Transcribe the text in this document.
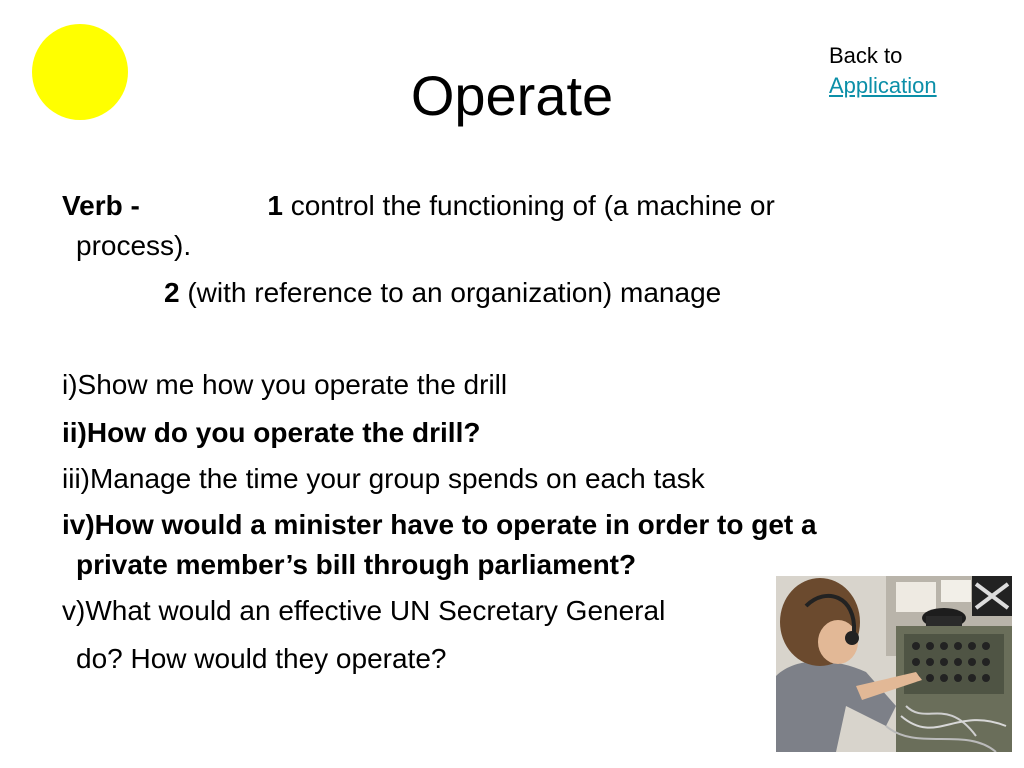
Operate
Back to
Application
Verb -	1 control the functioning of (a machine or
process).
2 (with reference to an organization) manage
i)Show me how you operate the drill
ii)How do you operate the drill?
iii)Manage the time your group spends on each task
iv)How would a minister have to operate in order to get a
private member’s bill through parliament?
v)What would an effective UN Secretary General
do? How would they operate?
